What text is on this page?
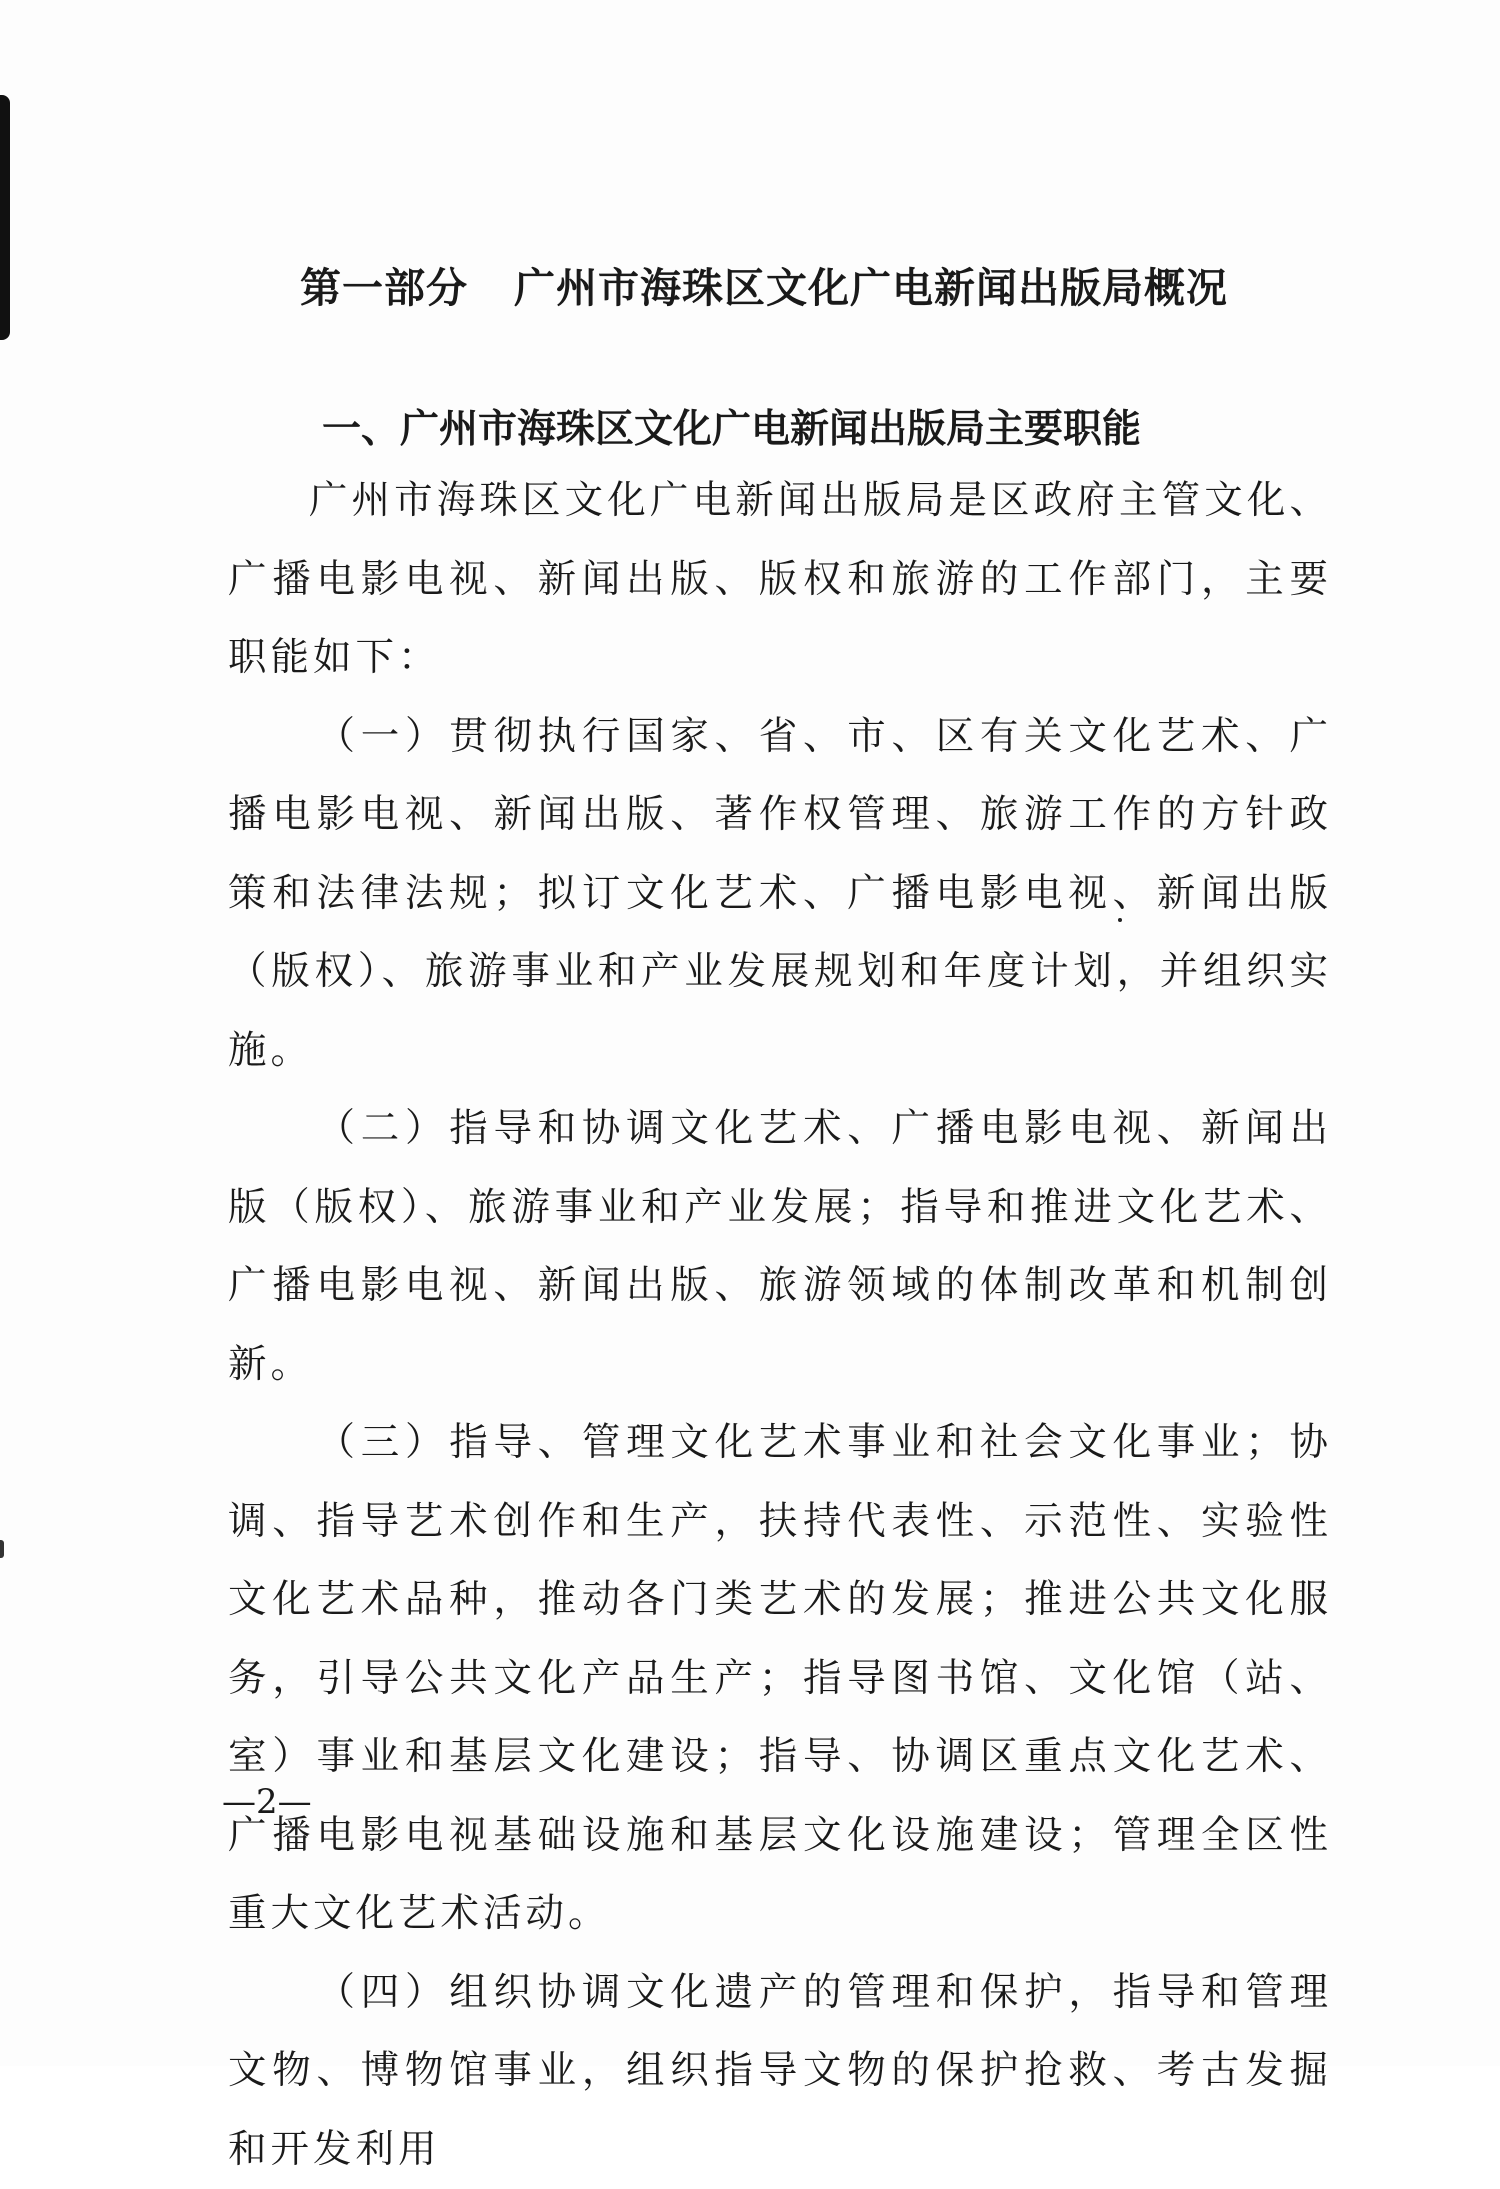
第一部分 广州市海珠区文化广电新闻出版局概况
一、广州市海珠区文化广电新闻出版局主要职能

广州市海珠区文化广电新闻出版局是区政府主管文化、广播电影电视、新闻出版、版权和旅游的工作部门，主要职能如下：

（一）贯彻执行国家、省、市、区有关文化艺术、广播电影电视、新闻出版、著作权管理、旅游工作的方针政策和法律法规；拟订文化艺术、广播电影电视、新闻出版（版权）、旅游事业和产业发展规划和年度计划，并组织实施。

（二）指导和协调文化艺术、广播电影电视、新闻出版（版权）、旅游事业和产业发展；指导和推进文化艺术、广播电影电视、新闻出版、旅游领域的体制改革和机制创新。

（三）指导、管理文化艺术事业和社会文化事业；协调、指导艺术创作和生产，扶持代表性、示范性、实验性文化艺术品种，推动各门类艺术的发展；推进公共文化服务，引导公共文化产品生产；指导图书馆、文化馆（站、室）事业和基层文化建设；指导、协调区重点文化艺术、广播电影电视基础设施和基层文化设施建设；管理全区性重大文化艺术活动。

（四）组织协调文化遗产的管理和保护，指导和管理文物、博物馆事业，组织指导文物的保护抢救、考古发掘和开发利用

—2—
